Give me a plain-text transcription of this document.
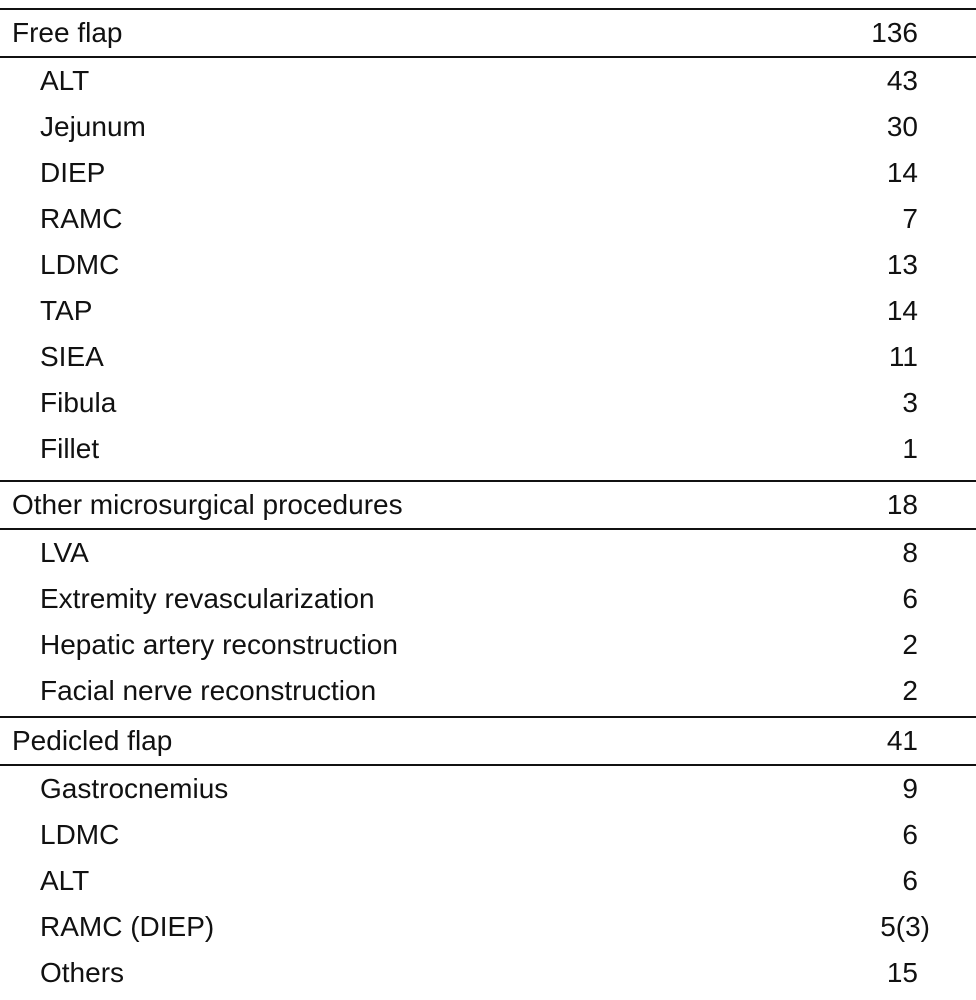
Free flap	136
ALT	43
Jejunum	30
DIEP	14
RAMC	7
LDMC	13
TAP	14
SIEA	11
Fibula	3
Fillet	1
Other microsurgical procedures	18
LVA	8
Extremity revascularization	6
Hepatic artery reconstruction	2
Facial nerve reconstruction	2
Pedicled flap	41
Gastrocnemius	9
LDMC	6
ALT	6
RAMC (DIEP)	5(3)
Others	15
